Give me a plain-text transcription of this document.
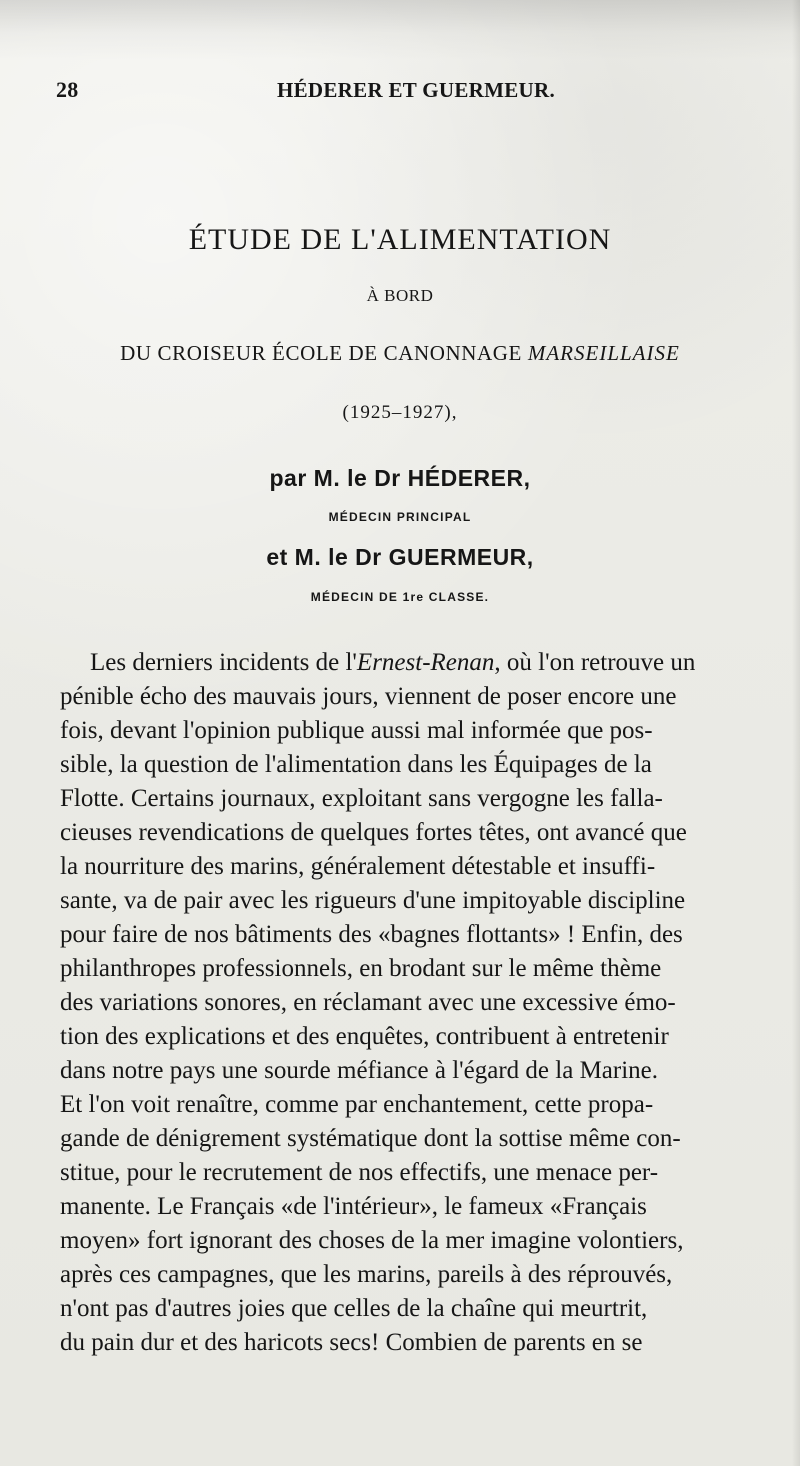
28	HÉDERER ET GUERMEUR.
ÉTUDE DE L'ALIMENTATION
À BORD
DU CROISEUR ÉCOLE DE CANONNAGE MARSEILLAISE
(1925–1927),
par M. le Dr HÉDERER,
MÉDECIN PRINCIPAL
et M. le Dr GUERMEUR,
MÉDECIN DE 1re CLASSE.
Les derniers incidents de l'Ernest-Renan, où l'on retrouve un
pénible écho des mauvais jours, viennent de poser encore une
fois, devant l'opinion publique aussi mal informée que pos-
sible, la question de l'alimentation dans les Équipages de la
Flotte. Certains journaux, exploitant sans vergogne les falla-
cieuses revendications de quelques fortes têtes, ont avancé que
la nourriture des marins, généralement détestable et insuffi-
sante, va de pair avec les rigueurs d'une impitoyable discipline
pour faire de nos bâtiments des «bagnes flottants» ! Enfin, des
philanthropes professionnels, en brodant sur le même thème
des variations sonores, en réclamant avec une excessive émo-
tion des explications et des enquêtes, contribuent à entretenir
dans notre pays une sourde méfiance à l'égard de la Marine.
Et l'on voit renaître, comme par enchantement, cette propa-
gande de dénigrement systématique dont la sottise même con-
stitue, pour le recrutement de nos effectifs, une menace per-
manente. Le Français «de l'intérieur», le fameux «Français
moyen» fort ignorant des choses de la mer imagine volontiers,
après ces campagnes, que les marins, pareils à des réprouvés,
n'ont pas d'autres joies que celles de la chaîne qui meurtrit,
du pain dur et des haricots secs! Combien de parents en se
